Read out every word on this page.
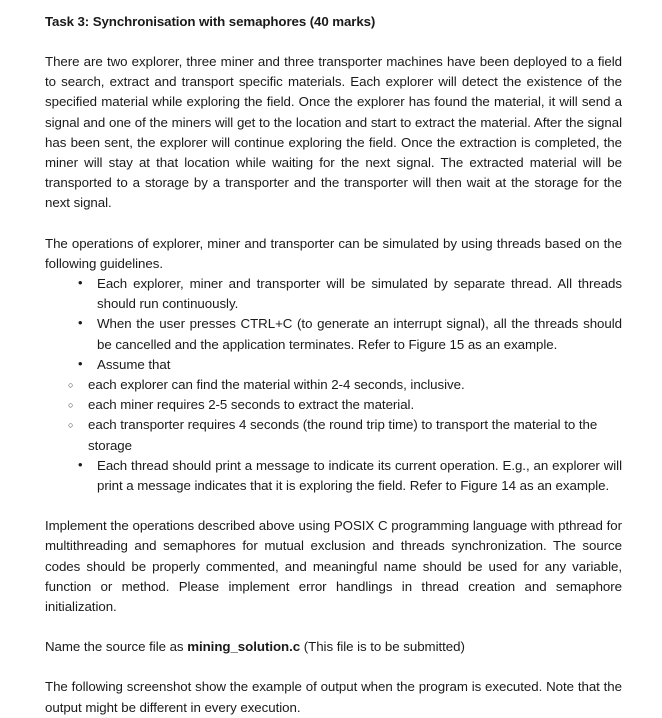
Task 3: Synchronisation with semaphores (40 marks)

There are two explorer, three miner and three transporter machines have been deployed to a field to search, extract and transport specific materials. Each explorer will detect the existence of the specified material while exploring the field. Once the explorer has found the material, it will send a signal and one of the miners will get to the location and start to extract the material. After the signal has been sent, the explorer will continue exploring the field. Once the extraction is completed, the miner will stay at that location while waiting for the next signal. The extracted material will be transported to a storage by a transporter and the transporter will then wait at the storage for the next signal.

The operations of explorer, miner and transporter can be simulated by using threads based on the following guidelines.

• Each explorer, miner and transporter will be simulated by separate thread. All threads should run continuously.
• When the user presses CTRL+C (to generate an interrupt signal), all the threads should be cancelled and the application terminates. Refer to Figure 15 as an example.
• Assume that
○ each explorer can find the material within 2-4 seconds, inclusive.
○ each miner requires 2-5 seconds to extract the material.
○ each transporter requires 4 seconds (the round trip time) to transport the material to the storage
• Each thread should print a message to indicate its current operation. E.g., an explorer will print a message indicates that it is exploring the field. Refer to Figure 14 as an example.

Implement the operations described above using POSIX C programming language with pthread for multithreading and semaphores for mutual exclusion and threads synchronization. The source codes should be properly commented, and meaningful name should be used for any variable, function or method. Please implement error handlings in thread creation and semaphore initialization.

Name the source file as mining_solution.c (This file is to be submitted)

The following screenshot show the example of output when the program is executed. Note that the output might be different in every execution.
